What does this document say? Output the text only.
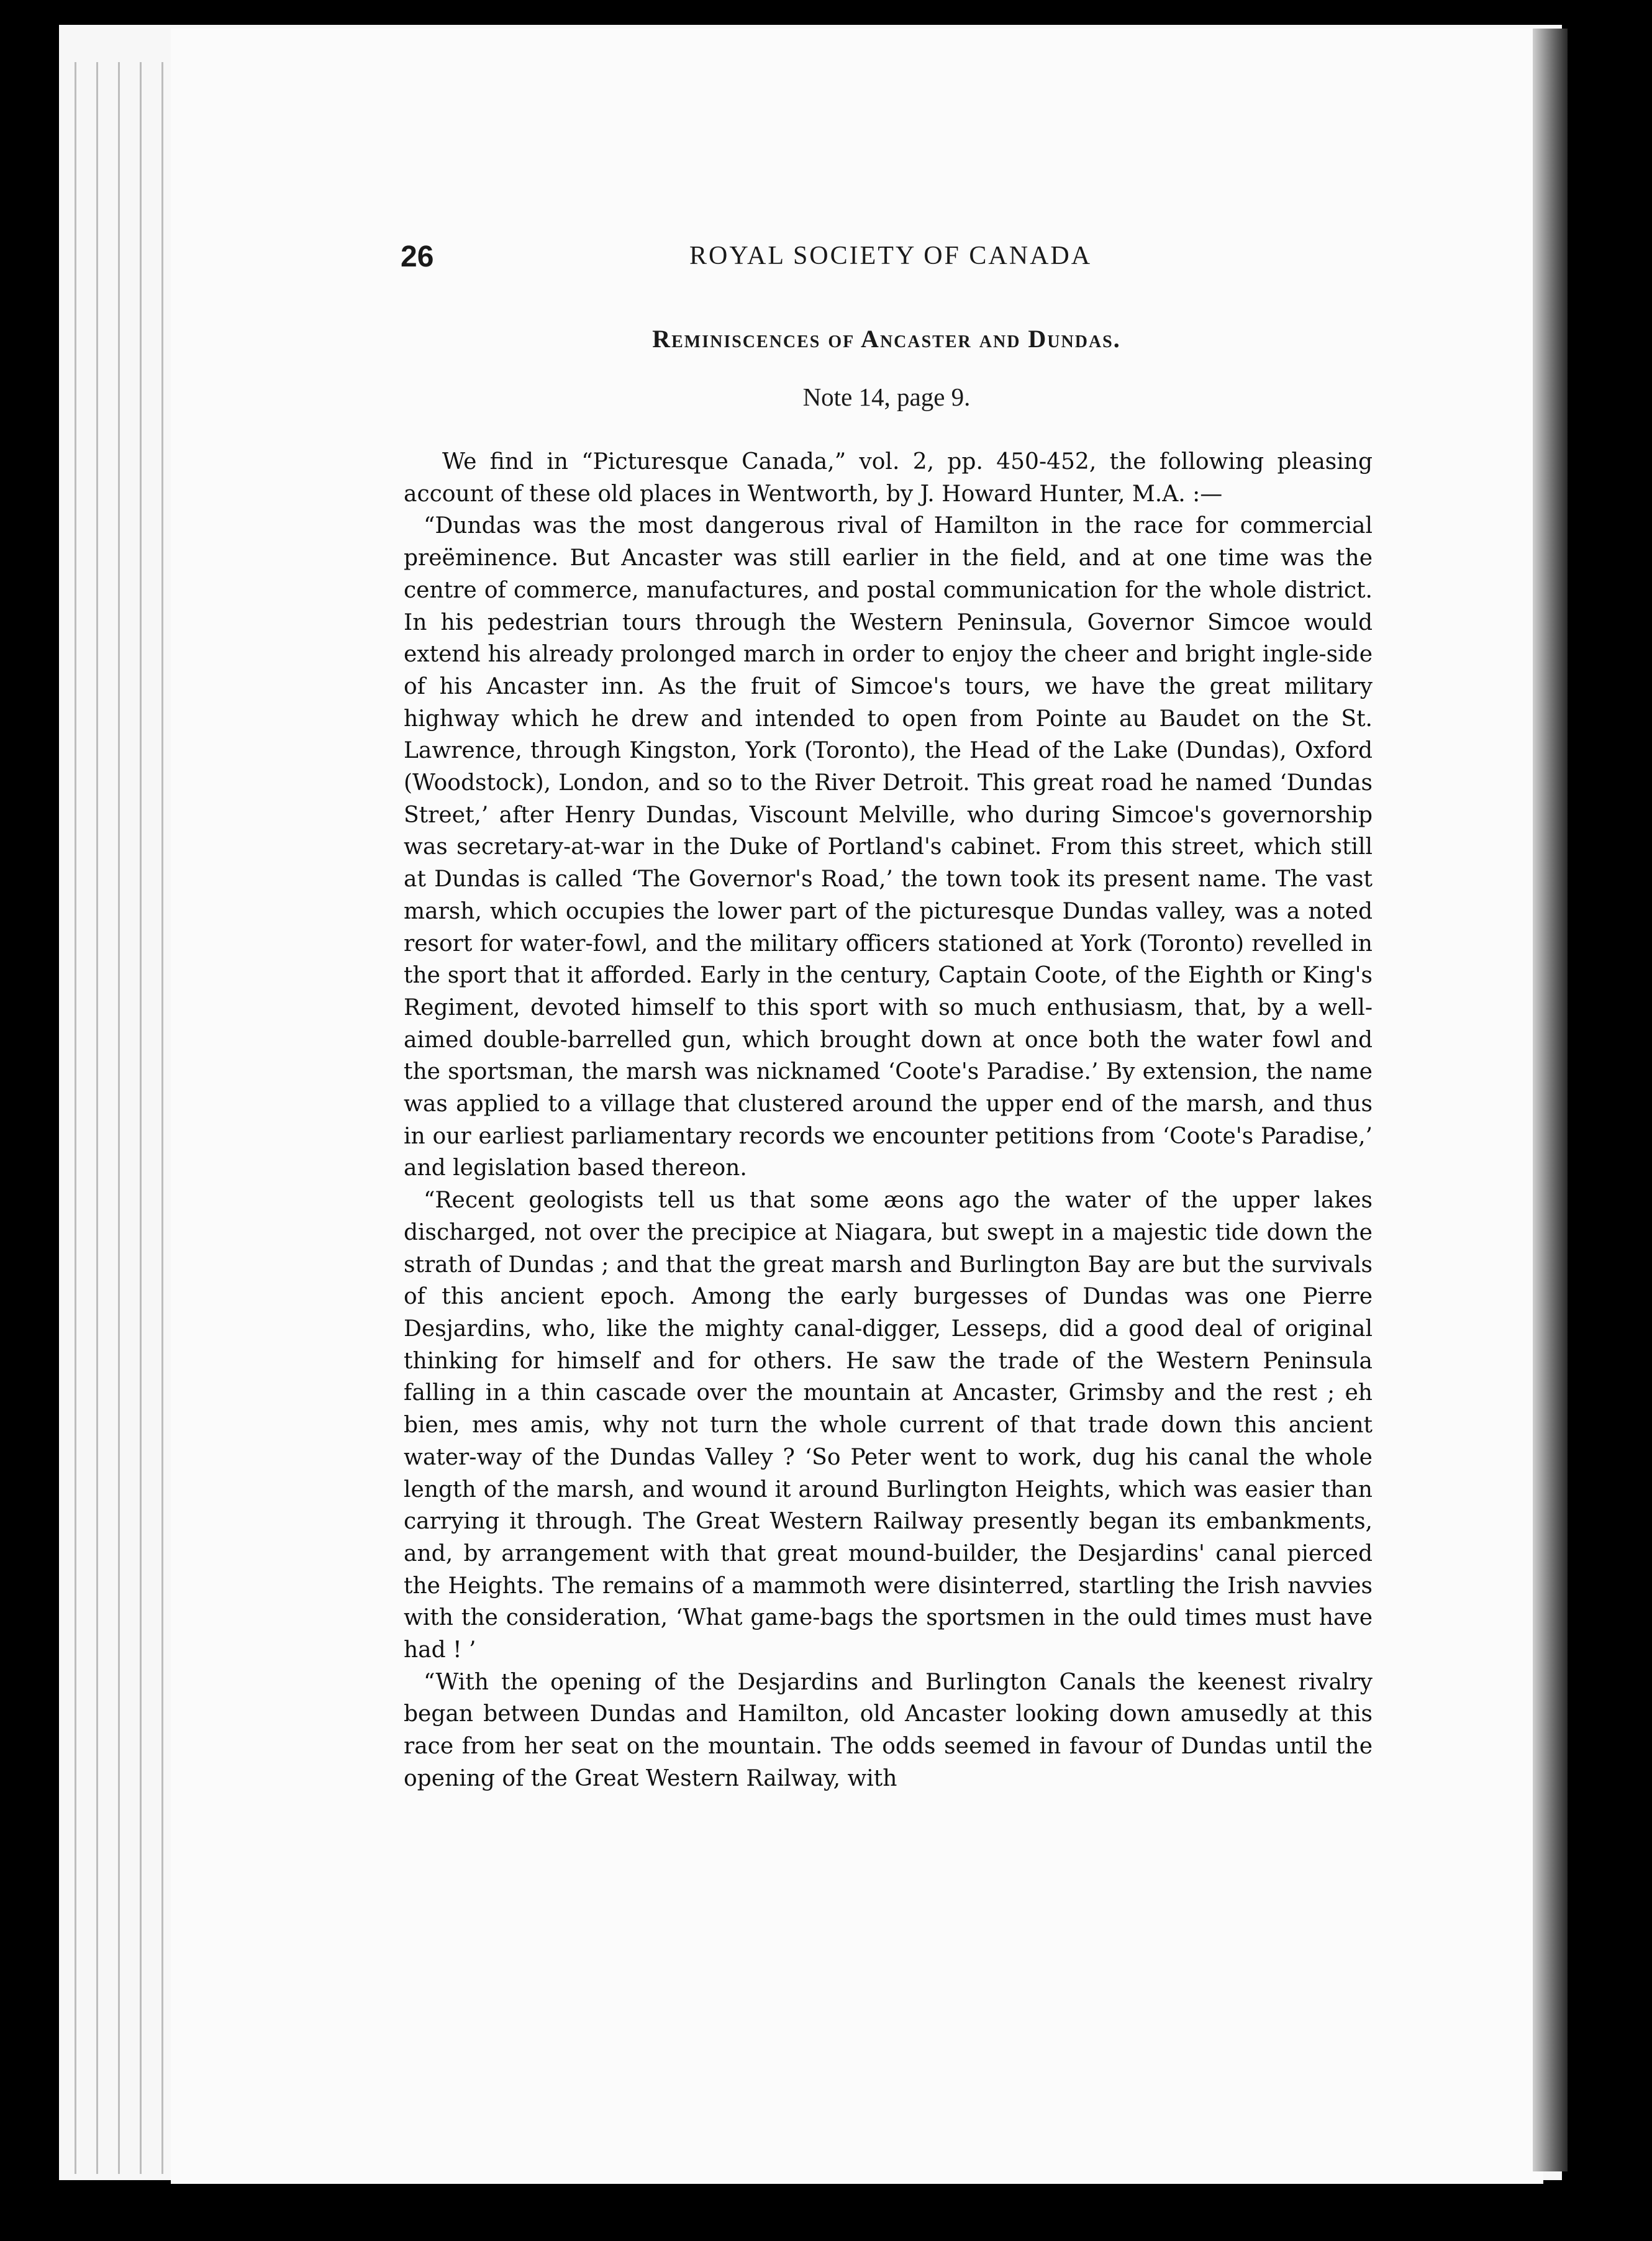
26	ROYAL SOCIETY OF CANADA
Reminiscences of Ancaster and Dundas.
Note 14, page 9.

We find in “Picturesque Canada,” vol. 2, pp. 450-452, the following pleasing account of these old places in Wentworth, by J. Howard Hunter, M.A. :—

“Dundas was the most dangerous rival of Hamilton in the race for commercial preëminence. But Ancaster was still earlier in the field, and at one time was the centre of commerce, manufactures, and postal communication for the whole district. In his pedestrian tours through the Western Peninsula, Governor Simcoe would extend his already prolonged march in order to enjoy the cheer and bright ingle-side of his Ancaster inn. As the fruit of Simcoe's tours, we have the great military highway which he drew and intended to open from Pointe au Baudet on the St. Lawrence, through Kingston, York (Toronto), the Head of the Lake (Dundas), Oxford (Woodstock), London, and so to the River Detroit. This great road he named ‘Dundas Street,’ after Henry Dundas, Viscount Melville, who during Simcoe's governorship was secretary-at-war in the Duke of Portland's cabinet. From this street, which still at Dundas is called ‘The Governor's Road,’ the town took its present name. The vast marsh, which occupies the lower part of the picturesque Dundas valley, was a noted resort for water-fowl, and the military officers stationed at York (Toronto) revelled in the sport that it afforded. Early in the century, Captain Coote, of the Eighth or King's Regiment, devoted himself to this sport with so much enthusiasm, that, by a well-aimed double-barrelled gun, which brought down at once both the water fowl and the sportsman, the marsh was nicknamed ‘Coote's Paradise.’ By extension, the name was applied to a village that clustered around the upper end of the marsh, and thus in our earliest parliamentary records we encounter petitions from ‘Coote's Paradise,’ and legislation based thereon.

“Recent geologists tell us that some æons ago the water of the upper lakes discharged, not over the precipice at Niagara, but swept in a majestic tide down the strath of Dundas ; and that the great marsh and Burlington Bay are but the survivals of this ancient epoch. Among the early burgesses of Dundas was one Pierre Desjardins, who, like the mighty canal-digger, Lesseps, did a good deal of original thinking for himself and for others. He saw the trade of the Western Peninsula falling in a thin cascade over the mountain at Ancaster, Grimsby and the rest ; eh bien, mes amis, why not turn the whole current of that trade down this ancient water-way of the Dundas Valley ? ‘So Peter went to work, dug his canal the whole length of the marsh, and wound it around Burlington Heights, which was easier than carrying it through. The Great Western Railway presently began its embankments, and, by arrangement with that great mound-builder, the Desjardins' canal pierced the Heights. The remains of a mammoth were disinterred, startling the Irish navvies with the consideration, ‘What game-bags the sportsmen in the ould times must have had ! ’

“With the opening of the Desjardins and Burlington Canals the keenest rivalry began between Dundas and Hamilton, old Ancaster looking down amusedly at this race from her seat on the mountain. The odds seemed in favour of Dundas until the opening of the Great Western Railway, with
